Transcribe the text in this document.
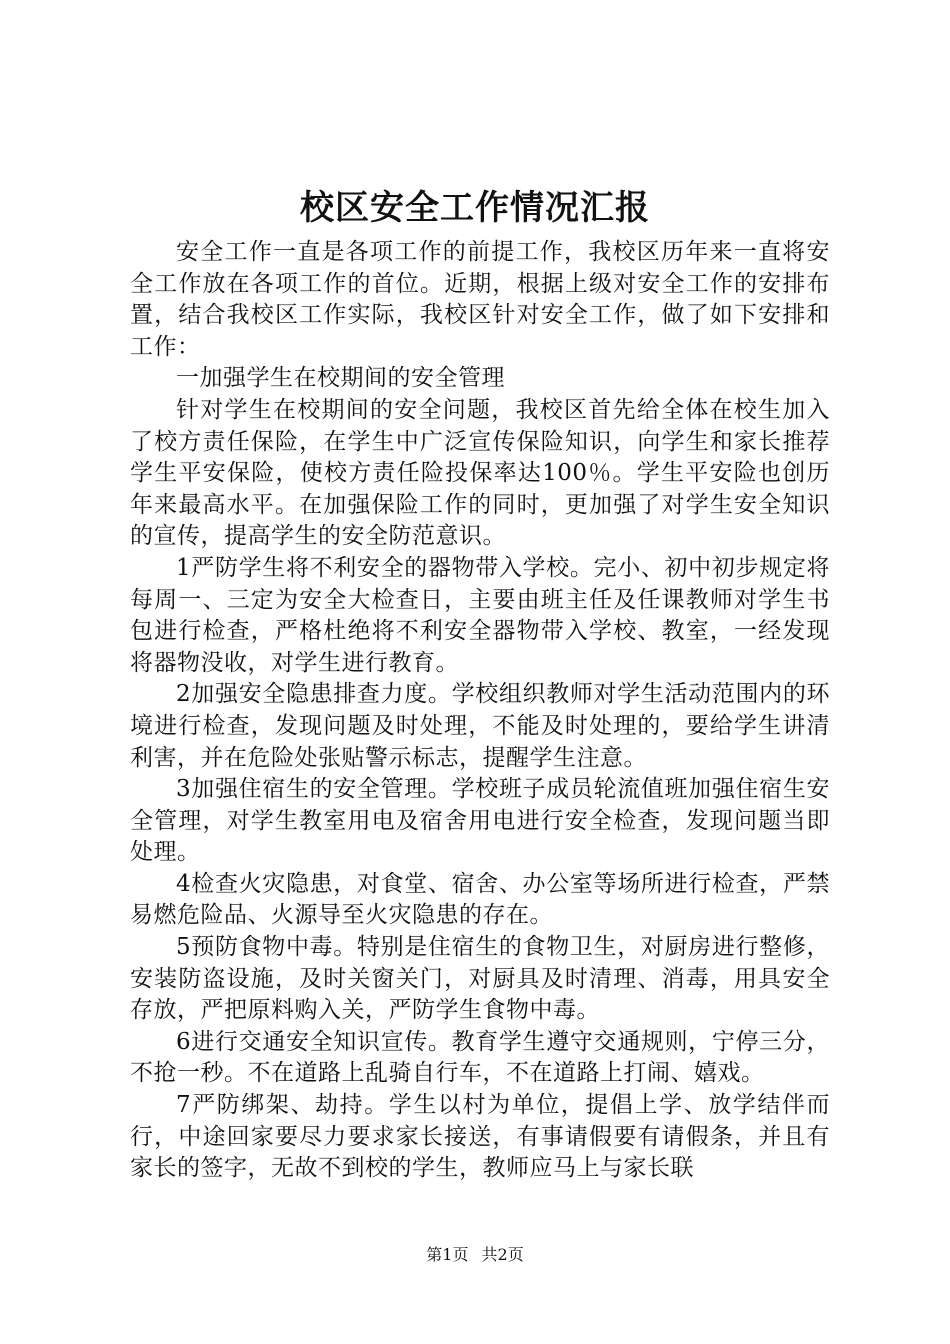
校区安全工作情况汇报

安全工作一直是各项工作的前提工作，我校区历年来一直将安全工作放在各项工作的首位。近期，根据上级对安全工作的安排布置，结合我校区工作实际，我校区针对安全工作，做了如下安排和工作：

一加强学生在校期间的安全管理

针对学生在校期间的安全问题，我校区首先给全体在校生加入了校方责任保险，在学生中广泛宣传保险知识，向学生和家长推荐学生平安保险，使校方责任险投保率达100％。学生平安险也创历年来最高水平。在加强保险工作的同时，更加强了对学生安全知识的宣传，提高学生的安全防范意识。

1严防学生将不利安全的器物带入学校。完小、初中初步规定将每周一、三定为安全大检查日，主要由班主任及任课教师对学生书包进行检查，严格杜绝将不利安全器物带入学校、教室，一经发现将器物没收，对学生进行教育。

2加强安全隐患排查力度。学校组织教师对学生活动范围内的环境进行检查，发现问题及时处理，不能及时处理的，要给学生讲清利害，并在危险处张贴警示标志，提醒学生注意。

3加强住宿生的安全管理。学校班子成员轮流值班加强住宿生安全管理，对学生教室用电及宿舍用电进行安全检查，发现问题当即处理。

4检查火灾隐患，对食堂、宿舍、办公室等场所进行检查，严禁易燃危险品、火源导至火灾隐患的存在。

5预防食物中毒。特别是住宿生的食物卫生，对厨房进行整修，安装防盗设施，及时关窗关门，对厨具及时清理、消毒，用具安全存放，严把原料购入关，严防学生食物中毒。

6进行交通安全知识宣传。教育学生遵守交通规则，宁停三分，不抢一秒。不在道路上乱骑自行车，不在道路上打闹、嬉戏。

7严防绑架、劫持。学生以村为单位，提倡上学、放学结伴而行，中途回家要尽力要求家长接送，有事请假要有请假条，并且有家长的签字，无故不到校的学生，教师应马上与家长联

第1页 共2页
